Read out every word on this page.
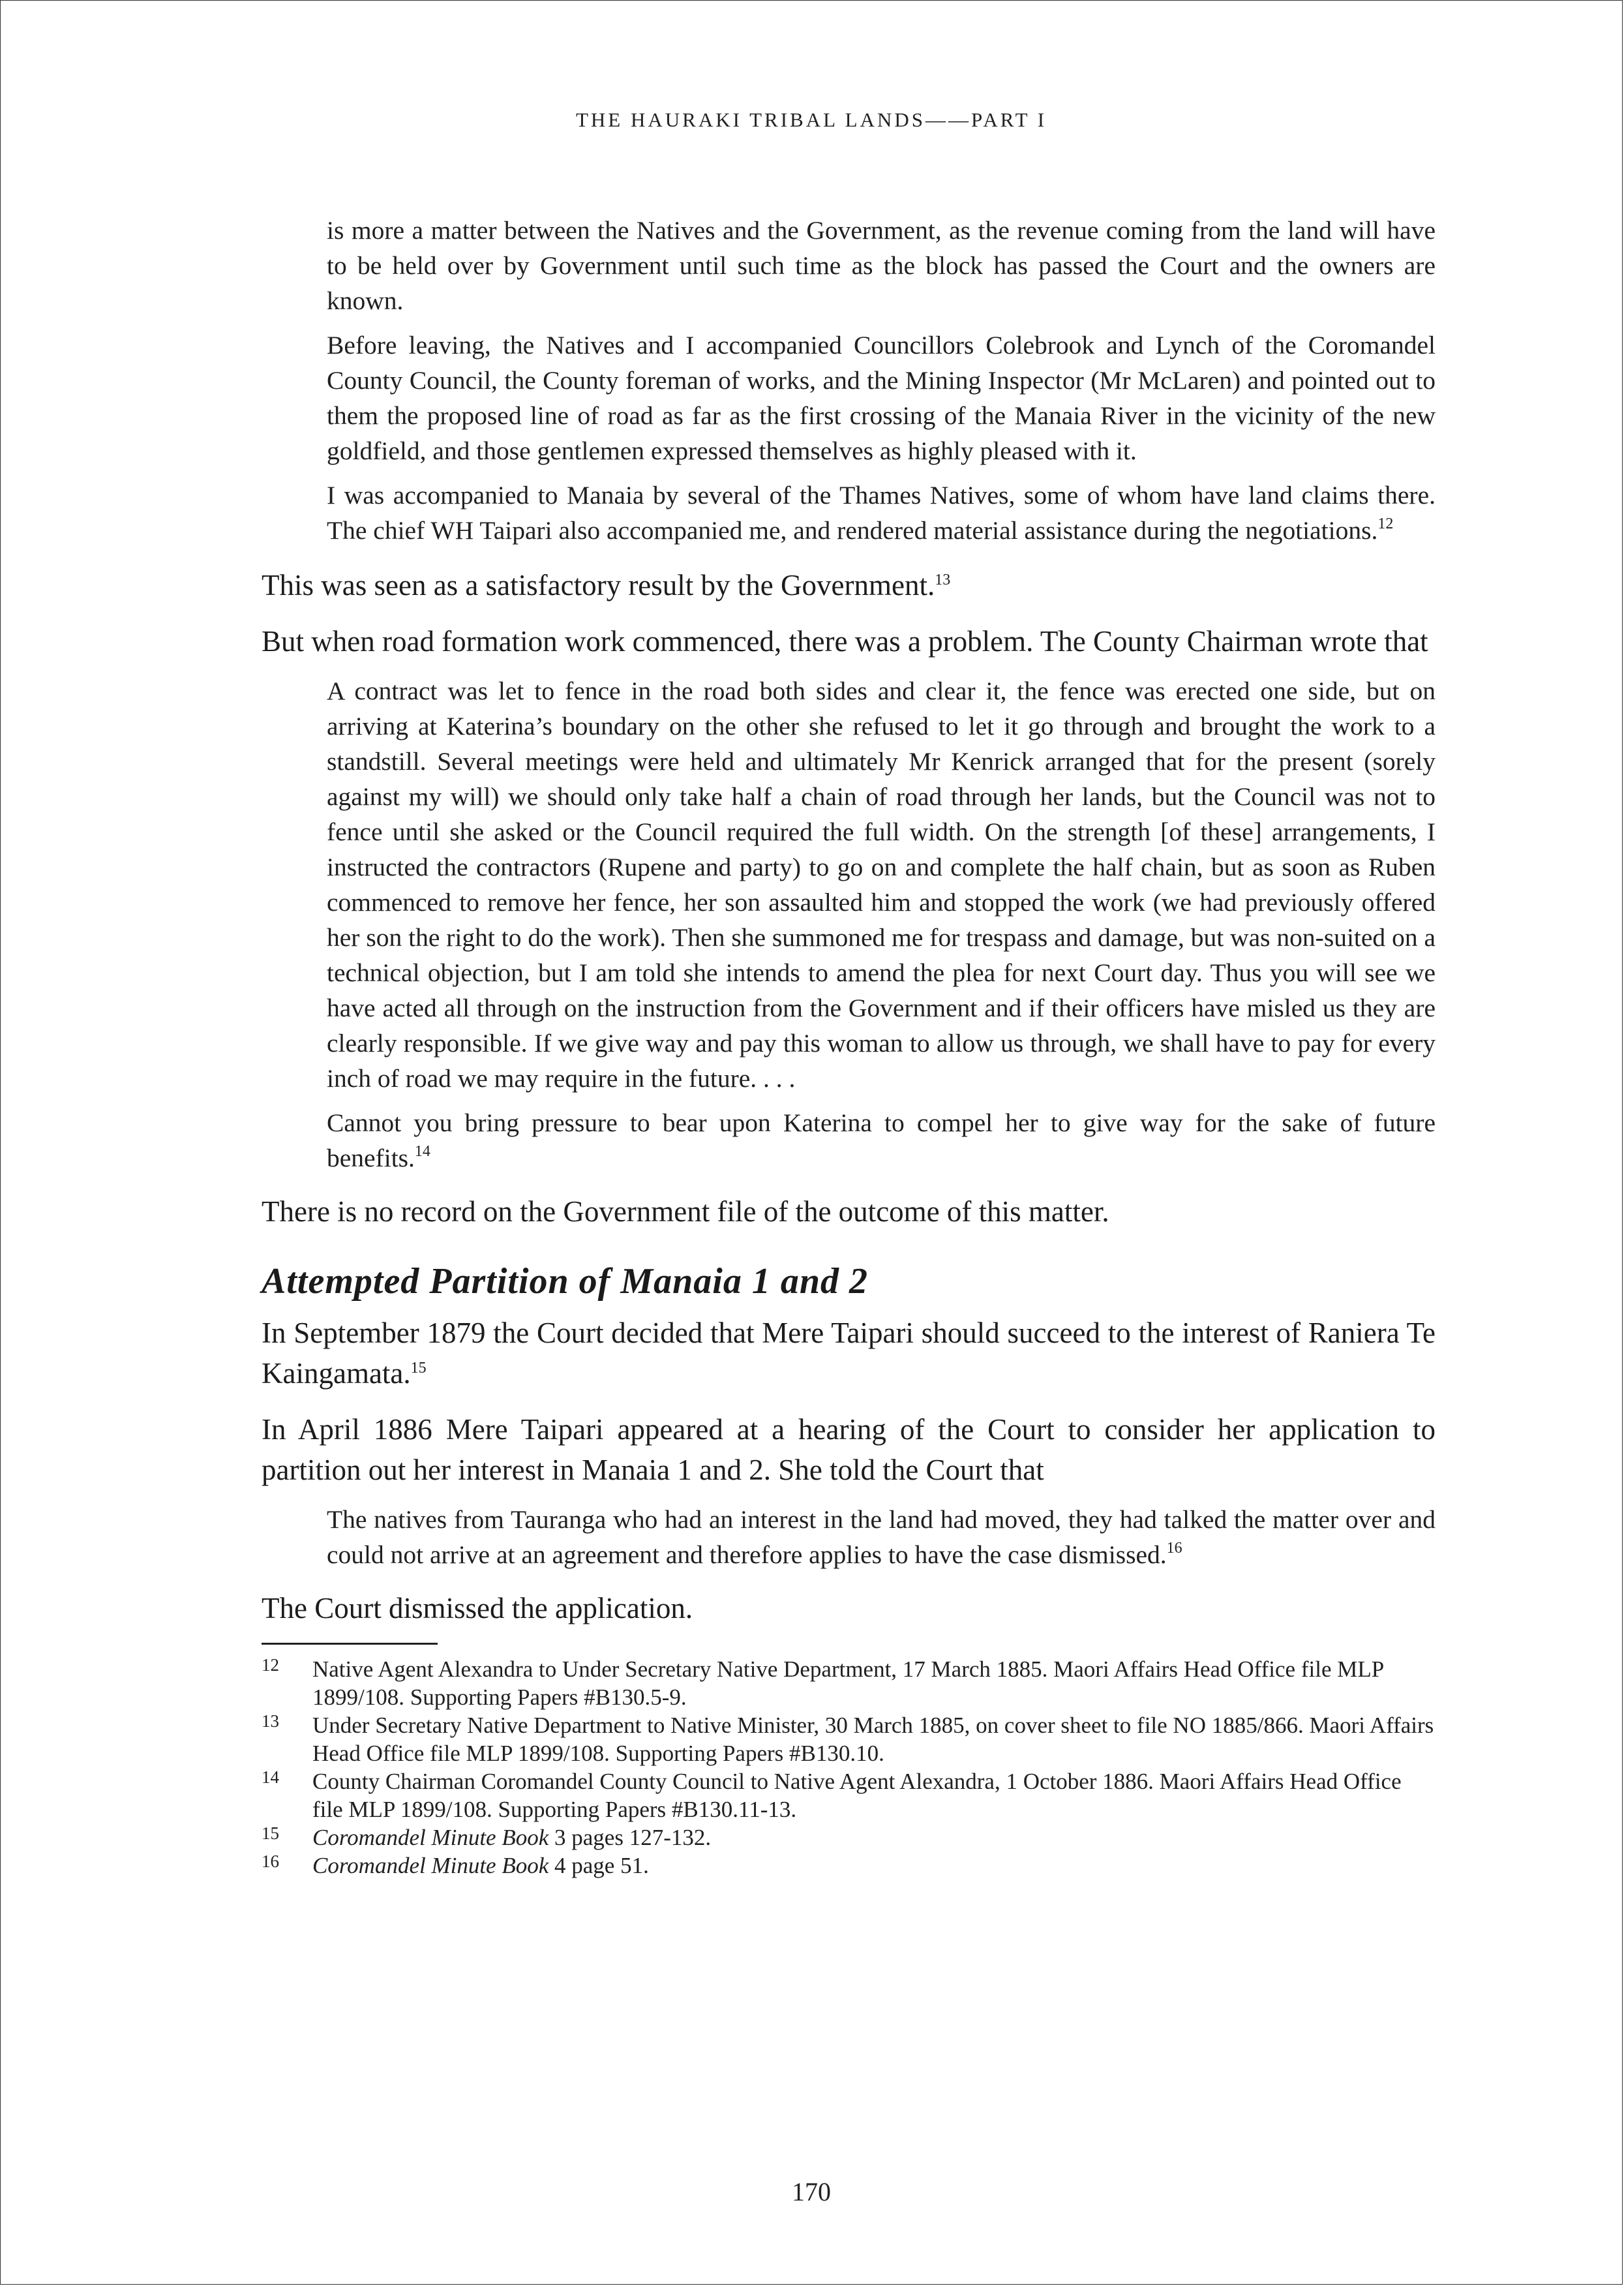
THE HAURAKI TRIBAL LANDS——PART I

is more a matter between the Natives and the Government, as the revenue coming from the land will have to be held over by Government until such time as the block has passed the Court and the owners are known.

Before leaving, the Natives and I accompanied Councillors Colebrook and Lynch of the Coromandel County Council, the County foreman of works, and the Mining Inspector (Mr McLaren) and pointed out to them the proposed line of road as far as the first crossing of the Manaia River in the vicinity of the new goldfield, and those gentlemen expressed themselves as highly pleased with it.

I was accompanied to Manaia by several of the Thames Natives, some of whom have land claims there. The chief WH Taipari also accompanied me, and rendered material assistance during the negotiations.$^{12}$

This was seen as a satisfactory result by the Government.$^{13}$

But when road formation work commenced, there was a problem. The County Chairman wrote that

A contract was let to fence in the road both sides and clear it, the fence was erected one side, but on arriving at Katerina’s boundary on the other she refused to let it go through and brought the work to a standstill. Several meetings were held and ultimately Mr Kenrick arranged that for the present (sorely against my will) we should only take half a chain of road through her lands, but the Council was not to fence until she asked or the Council required the full width. On the strength [of these] arrangements, I instructed the contractors (Rupene and party) to go on and complete the half chain, but as soon as Ruben commenced to remove her fence, her son assaulted him and stopped the work (we had previously offered her son the right to do the work). Then she summoned me for trespass and damage, but was non-suited on a technical objection, but I am told she intends to amend the plea for next Court day. Thus you will see we have acted all through on the instruction from the Government and if their officers have misled us they are clearly responsible. If we give way and pay this woman to allow us through, we shall have to pay for every inch of road we may require in the future. . . .

Cannot you bring pressure to bear upon Katerina to compel her to give way for the sake of future benefits.$^{14}$

There is no record on the Government file of the outcome of this matter.

Attempted Partition of Manaia 1 and 2

In September 1879 the Court decided that Mere Taipari should succeed to the interest of Raniera Te Kaingamata.$^{15}$

In April 1886 Mere Taipari appeared at a hearing of the Court to consider her application to partition out her interest in Manaia 1 and 2. She told the Court that

The natives from Tauranga who had an interest in the land had moved, they had talked the matter over and could not arrive at an agreement and therefore applies to have the case dismissed.$^{16}$

The Court dismissed the application.

12 Native Agent Alexandra to Under Secretary Native Department, 17 March 1885. Maori Affairs Head Office file MLP 1899/108. Supporting Papers #B130.5-9.
13 Under Secretary Native Department to Native Minister, 30 March 1885, on cover sheet to file NO 1885/866. Maori Affairs Head Office file MLP 1899/108. Supporting Papers #B130.10.
14 County Chairman Coromandel County Council to Native Agent Alexandra, 1 October 1886. Maori Affairs Head Office file MLP 1899/108. Supporting Papers #B130.11-13.
15 Coromandel Minute Book 3 pages 127-132.
16 Coromandel Minute Book 4 page 51.
170
